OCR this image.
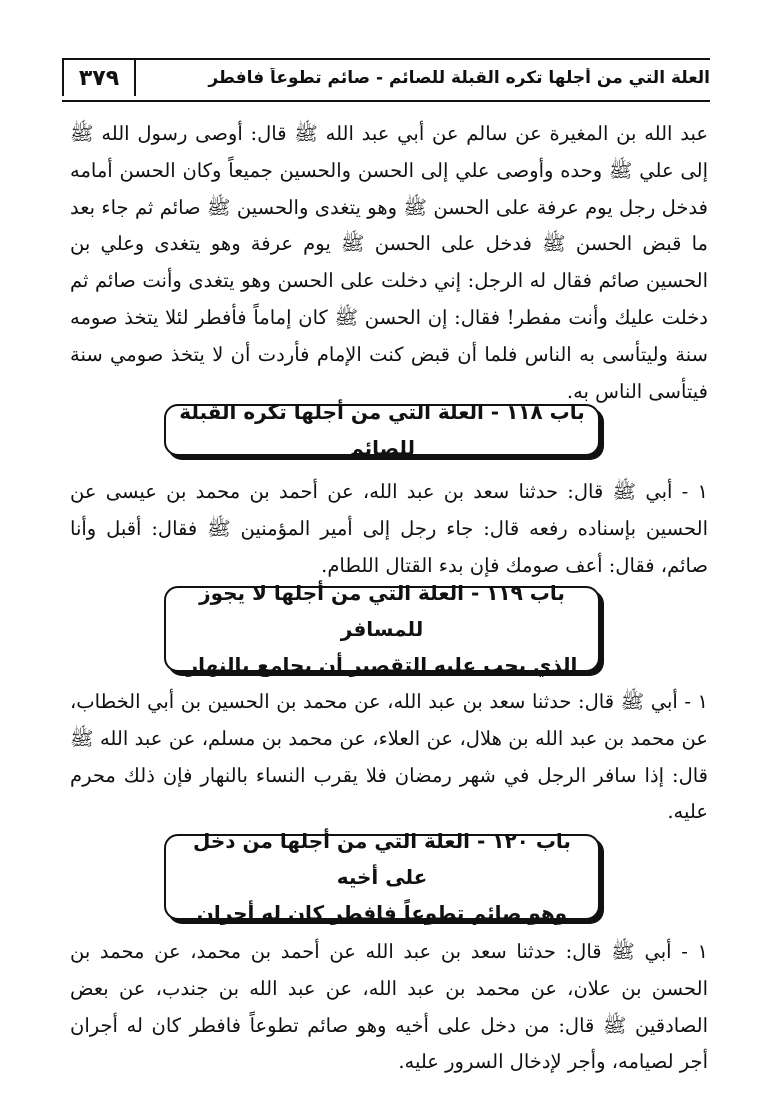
٣٧٩	العلة التي من أجلها تكره القبلة للصائم - صائم تطوعاً فافطر

عبد الله بن المغيرة عن سالم عن أبي عبد الله ﷺ قال: أوصى رسول الله ﷺ إلى علي ﷺ وحده وأوصى علي إلى الحسن والحسين جميعاً وكان الحسن أمامه فدخل رجل يوم عرفة على الحسن ﷺ وهو يتغدى والحسين ﷺ صائم ثم جاء بعد ما قبض الحسن ﷺ فدخل على الحسن ﷺ يوم عرفة وهو يتغدى وعلي بن الحسين صائم فقال له الرجل: إني دخلت على الحسن وهو يتغدى وأنت صائم ثم دخلت عليك وأنت مفطر! فقال: إن الحسن ﷺ كان إماماً فأفطر لئلا يتخذ صومه سنة وليتأسى به الناس فلما أن قبض كنت الإمام فأردت أن لا يتخذ صومي سنة فيتأسى الناس به.

باب ١١٨ - العلة التي من أجلها تكره القبلة للصائم

١ - أبي ﷺ قال: حدثنا سعد بن عبد الله، عن أحمد بن محمد بن عيسى عن الحسين بإسناده رفعه قال: جاء رجل إلى أمير المؤمنين ﷺ فقال: أقبل وأنا صائم، فقال: أعف صومك فإن بدء القتال اللطام.

باب ١١٩ - العلة التي من أجلها لا يجوز للمسافر
الذي يجب عليه التقصير أن يجامع بالنهار

١ - أبي ﷺ قال: حدثنا سعد بن عبد الله، عن محمد بن الحسين بن أبي الخطاب، عن محمد بن عبد الله بن هلال، عن العلاء، عن محمد بن مسلم، عن عبد الله ﷺ قال: إذا سافر الرجل في شهر رمضان فلا يقرب النساء بالنهار فإن ذلك محرم عليه.

باب ١٢٠ - العلة التي من أجلها من دخل على أخيه
وهو صائم تطوعاً فافطر كان له أجران

١ - أبي ﷺ قال: حدثنا سعد بن عبد الله عن أحمد بن محمد، عن محمد بن الحسن بن علان، عن محمد بن عبد الله، عن عبد الله بن جندب، عن بعض الصادقين ﷺ قال: من دخل على أخيه وهو صائم تطوعاً فافطر كان له أجران أجر لصيامه، وأجر لإدخال السرور عليه.
